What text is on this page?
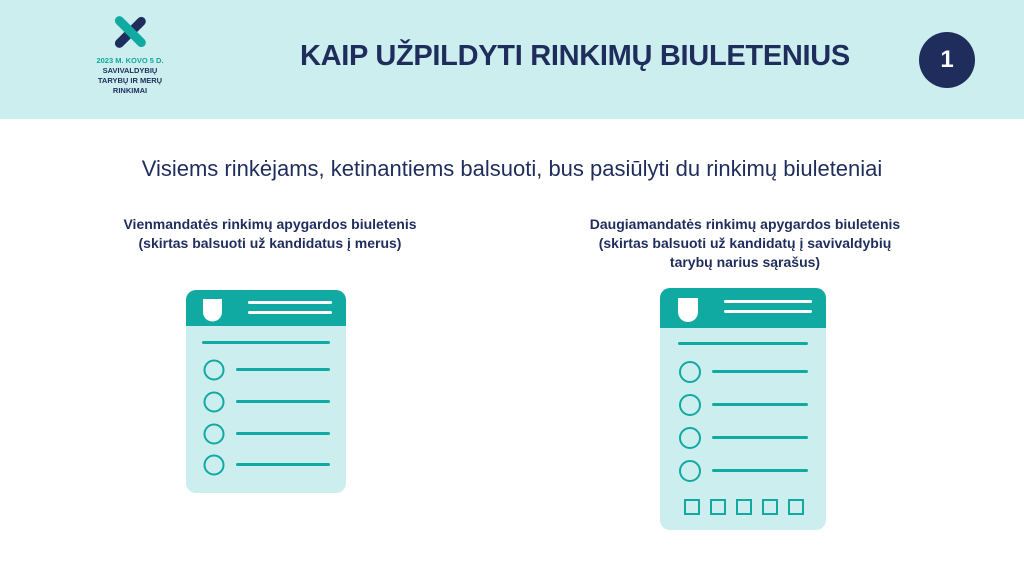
2023 M. KOVO 5 D.
SAVIVALDYBIŲ
TARYBŲ IR MERŲ
RINKIMAI
KAIP UŽPILDYTI RINKIMŲ BIULETENIUS	1
Visiems rinkėjams, ketinantiems balsuoti, bus pasiūlyti du rinkimų biuleteniai
Vienmandatės rinkimų apygardos biuletenis
(skirtas balsuoti už kandidatus į merus)
Daugiamandatės rinkimų apygardos biuletenis
(skirtas balsuoti už kandidatų į savivaldybių
tarybų narius sąrašus)
